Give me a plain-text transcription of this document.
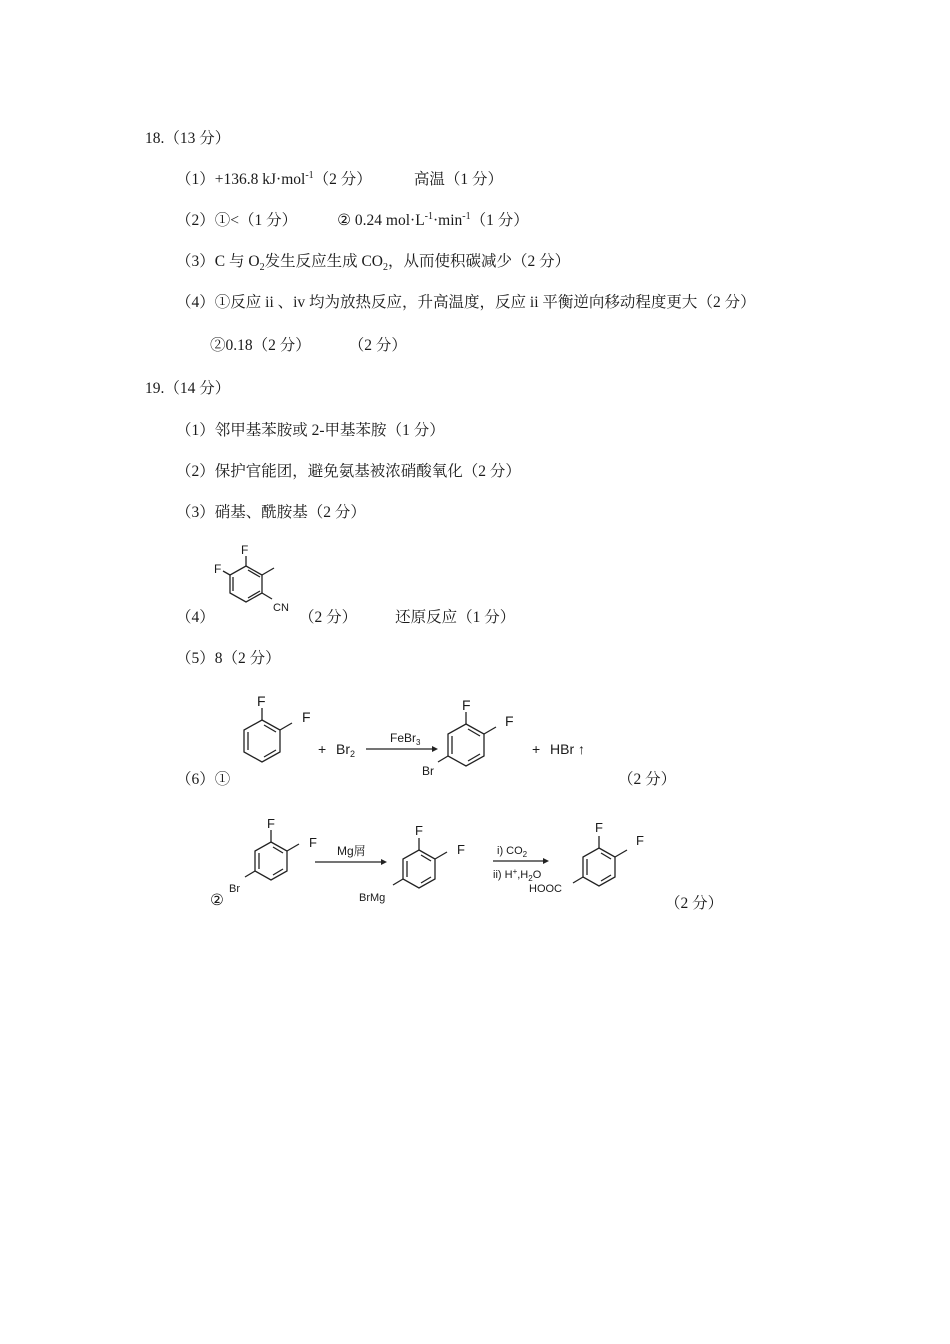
18.（13 分）
（1）+136.8 kJ·mol$^{-1}$（2 分）	高温（1 分）
（2）①<（1 分）	② 0.24 $mol\cdot L^{-1}\cdot\min^{-1}(1$ 分）
（3）C 与 $O_2$发生反应生成 $CO_2$，从而使积碳减少（2 分）
（4）①反应 ii 、iv 均为放热反应，升高温度，反应 ii 平衡逆向移动程度更大（2 分）
②0.18（2 分） （2 分）
19.（14 分）
（1）邻甲基苯胺或 2-甲基苯胺（1 分）
（2）保护官能团，避免氨基被浓硝酸氧化（2 分）
（3）硝基、酰胺基（2 分）
（4）
F
F
CN
（2 分） 还原反应（1 分）
（5）8（2 分）
（6）①
F
F
+ $Br_2$
FeBr$_3$
F
F
Br
+ HBr ↑
（2 分）
②
F
F
Br
Mg屑
F
F
BrMg
i) $CO_2$
ii) $H^+,H_2O$
F
F
HOOC
（2 分）
